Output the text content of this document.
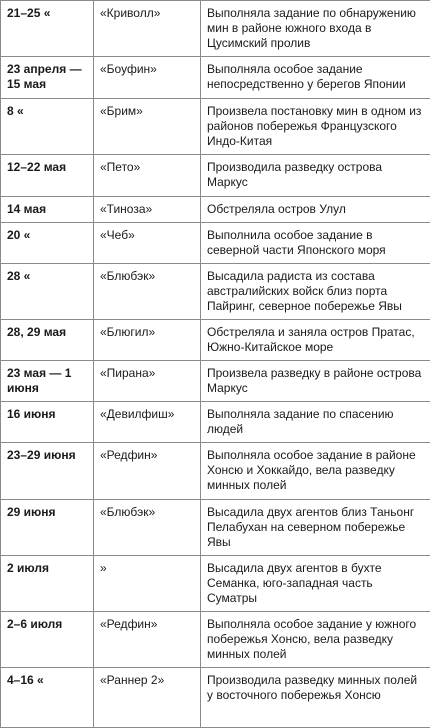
21–25 «	«Криволл»	Выполняла задание по обнаружению мин в районе южного входа в Цусимский пролив
23 апреля — 15 мая	«Боуфин»	Выполняла особое задание непосредственно у берегов Японии
8 «	«Брим»	Произвела постановку мин в одном из районов побережья Французского Индо-Китая
12–22 мая	«Пето»	Производила разведку острова Маркус
14 мая	«Тиноза»	Обстреляла остров Улул
20 «	«Чеб»	Выполнила особое задание в северной части Японского моря
28 «	«Блюбэк»	Высадила радиста из состава австралийских войск близ порта Пайринг, северное побережье Явы
28, 29 мая	«Блюгил»	Обстреляла и заняла остров Пратас, Южно-Китайское море
23 мая — 1 июня	«Пирана»	Произвела разведку в районе острова Маркус
16 июня	«Девилфиш»	Выполняла задание по спасению людей
23–29 июня	«Редфин»	Выполняла особое задание в районе Хонсю и Хоккайдо, вела разведку минных полей
29 июня	«Блюбэк»	Высадила двух агентов близ Таньонг Пелабухан на северном побережье Явы
2 июля	»	Высадила двух агентов в бухте Семанка, юго-западная часть Суматры
2–6 июля	«Редфин»	Выполняла особое задание у южного побережья Хонсю, вела разведку минных полей
4–16 «	«Раннер 2»	Производила разведку минных полей у восточного побережья Хонсю
